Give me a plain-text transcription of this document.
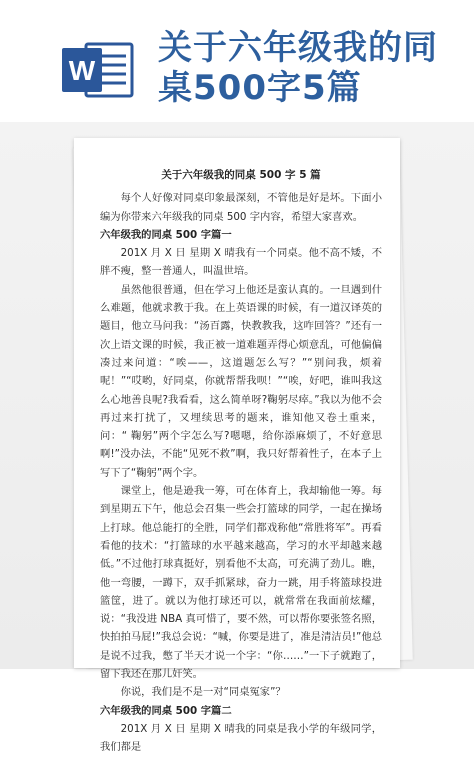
W
关于六年级我的同桌500字5篇
关于六年级我的同桌 500 字 5 篇

每个人好像对同桌印象最深刻，不管他是好是坏。下面小编为你带来六年级我的同桌 500 字内容，希望大家喜欢。

六年级我的同桌 500 字篇一

201X 月 X 日 星期 X 晴我有一个同桌。他不高不矮，不胖不瘦，整一普通人，叫温世培。

虽然他很普通，但在学习上他还是蛮认真的。一旦遇到什么难题，他就求教于我。在上英语课的时候，有一道汉译英的题目，他立马问我：“汤百露，快教教我，这咋回答？”还有一次上语文课的时候，我正被一道难题弄得心烦意乱，可他偏偏凑过来问道：“唉——，这道题怎么写？”“别问我，烦着呢！”“哎哟，好同桌，你就帮帮我呗！”“唉，好吧，谁叫我这么心地善良呢?我看看，这么简单呀?鞠躬尽瘁。”我以为他不会再过来打扰了，又埋续思考的题来，谁知他又卷土重来，问：“ 鞠躬”两个字怎么写?嗯嗯，给你添麻烦了，不好意思啊!”没办法，不能“见死不救”啊，我只好帮着性子，在本子上写下了“鞠躬”两个字。

课堂上，他是逊我一筹，可在体育上，我却输他一筹。每到星期五下午，他总会召集一些会打篮球的同学，一起在操场上打球。他总能打的全胜，同学们都戏称他“常胜将军”。再看看他的技术：“打篮球的水平越来越高，学习的水平却越来越低。”不过他打球真挺好，别看他不太高，可充满了劲儿。瞧，他一弯腰，一蹲下，双手抓紧球，奋力一跳，用手将篮球投进篮筐，进了。就以为他打球还可以，就常常在我面前炫耀，说：“我没进 NBA 真可惜了，要不然，可以帮你要张签名照，快拍拍马屁!”我总会说：“喊，你要是进了，准是清洁员!”他总是说不过我，憋了半天才说一个字：“你……”一下子就跑了，留下我还在那儿奸笑。

你说，我们是不是一对“同桌冤家”？

六年级我的同桌 500 字篇二

201X 月 X 日 星期 X 晴我的同桌是我小学的年级同学，我们都是
